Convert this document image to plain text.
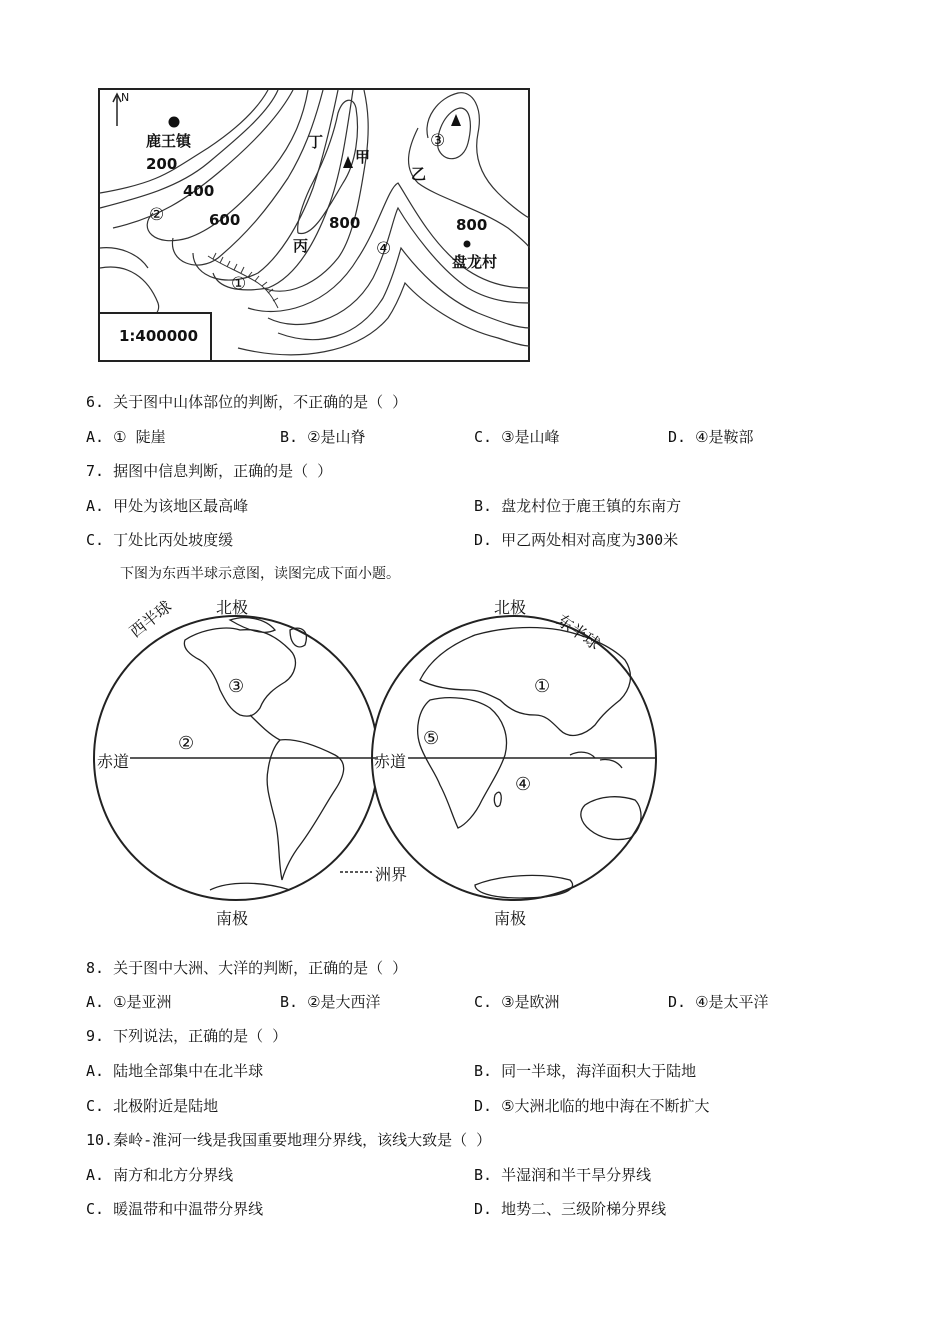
N
鹿王镇
盘龙村
200
400
600	800	800
甲
乙
丙
丁
①
②
③
④
1:400000
6. 关于图中山体部位的判断，不正确的是（ ）
A. ① 陡崖	B. ②是山脊	C. ③是山峰	D. ④是鞍部
7. 据图中信息判断，正确的是（ ）
A. 甲处为该地区最高峰	B. 盘龙村位于鹿王镇的东南方
C. 丁处比丙处坡度缓	D. 甲乙两处相对高度为300米
下图为东西半球示意图，读图完成下面小题。
北极	北极
南极	南极
西半球	东半球
赤道	赤道
洲界
①
②
③
④
⑤
8. 关于图中大洲、大洋的判断，正确的是（ ）
A. ①是亚洲	B. ②是大西洋	C. ③是欧洲	D. ④是太平洋
9. 下列说法，正确的是（ ）
A. 陆地全部集中在北半球	B. 同一半球，海洋面积大于陆地
C. 北极附近是陆地	D. ⑤大洲北临的地中海在不断扩大
10.秦岭-淮河一线是我国重要地理分界线，该线大致是（ ）
A. 南方和北方分界线	B. 半湿润和半干旱分界线
C. 暖温带和中温带分界线	D. 地势二、三级阶梯分界线
